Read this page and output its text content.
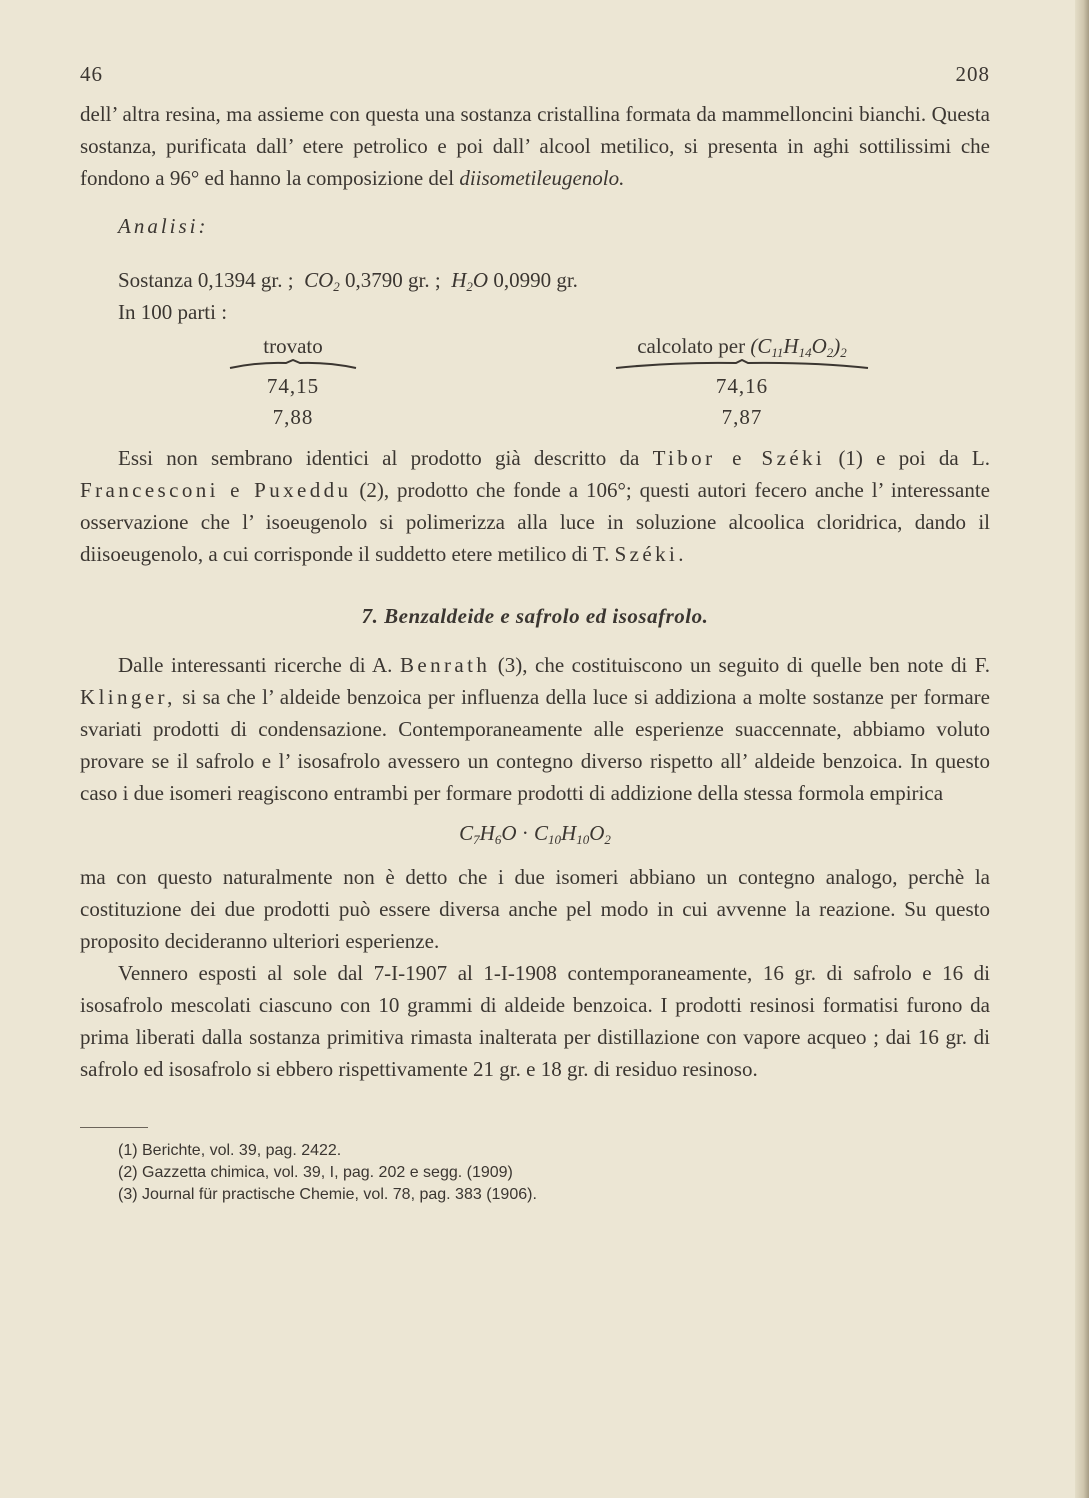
46	208

dell’ altra resina, ma assieme con questa una sostanza cristallina formata da mammelloncini bianchi. Questa sostanza, purificata dall’ etere petrolico e poi dall’ alcool metilico, si presenta in aghi sottilissimi che fondono a 96° ed hanno la composizione del diisometileugenolo.

Analisi:
Sostanza 0,1394 gr. ;  $CO_2$ 0,3790 gr. ;  $H_2O$ 0,0990 gr.
In 100 parti :
trovato
74,15
7,88
calcolato per $(C_{11}H_{14}O_2)_2$
74,16
7,87

Essi non sembrano identici al prodotto già descritto da Tibor e Széki (1) e poi da L. Francesconi e Puxeddu (2), prodotto che fonde a 106°; questi autori fecero anche l’ interessante osservazione che l’ isoeugenolo si polimerizza alla luce in soluzione alcoolica cloridrica, dando il diisoeugenolo, a cui corrisponde il suddetto etere metilico di T. Széki.

7. Benzaldeide e safrolo ed isosafrolo.

Dalle interessanti ricerche di A. Benrath (3), che costituiscono un seguito di quelle ben note di F. Klinger, si sa che l’ aldeide benzoica per influenza della luce si addiziona a molte sostanze per formare svariati prodotti di condensazione. Contemporaneamente alle esperienze suaccennate, abbiamo voluto provare se il safrolo e l’ isosafrolo avessero un contegno diverso rispetto all’ aldeide benzoica. In questo caso i due isomeri reagiscono entrambi per formare prodotti di addizione della stessa formola empirica

$C_7H_6O \cdot C_{10}H_{10}O_2$

ma con questo naturalmente non è detto che i due isomeri abbiano un contegno analogo, perchè la costituzione dei due prodotti può essere diversa anche pel modo in cui avvenne la reazione. Su questo proposito decideranno ulteriori esperienze.

Vennero esposti al sole dal 7-I-1907 al 1-I-1908 contemporaneamente, 16 gr. di safrolo e 16 di isosafrolo mescolati ciascuno con 10 grammi di aldeide benzoica. I prodotti resinosi formatisi furono da prima liberati dalla sostanza primitiva rimasta inalterata per distillazione con vapore acqueo ; dai 16 gr. di safrolo ed isosafrolo si ebbero rispettivamente 21 gr. e 18 gr. di residuo resinoso.

(1) Berichte, vol. 39, pag. 2422.
(2) Gazzetta chimica, vol. 39, I, pag. 202 e segg. (1909)
(3) Journal für practische Chemie, vol. 78, pag. 383 (1906).
